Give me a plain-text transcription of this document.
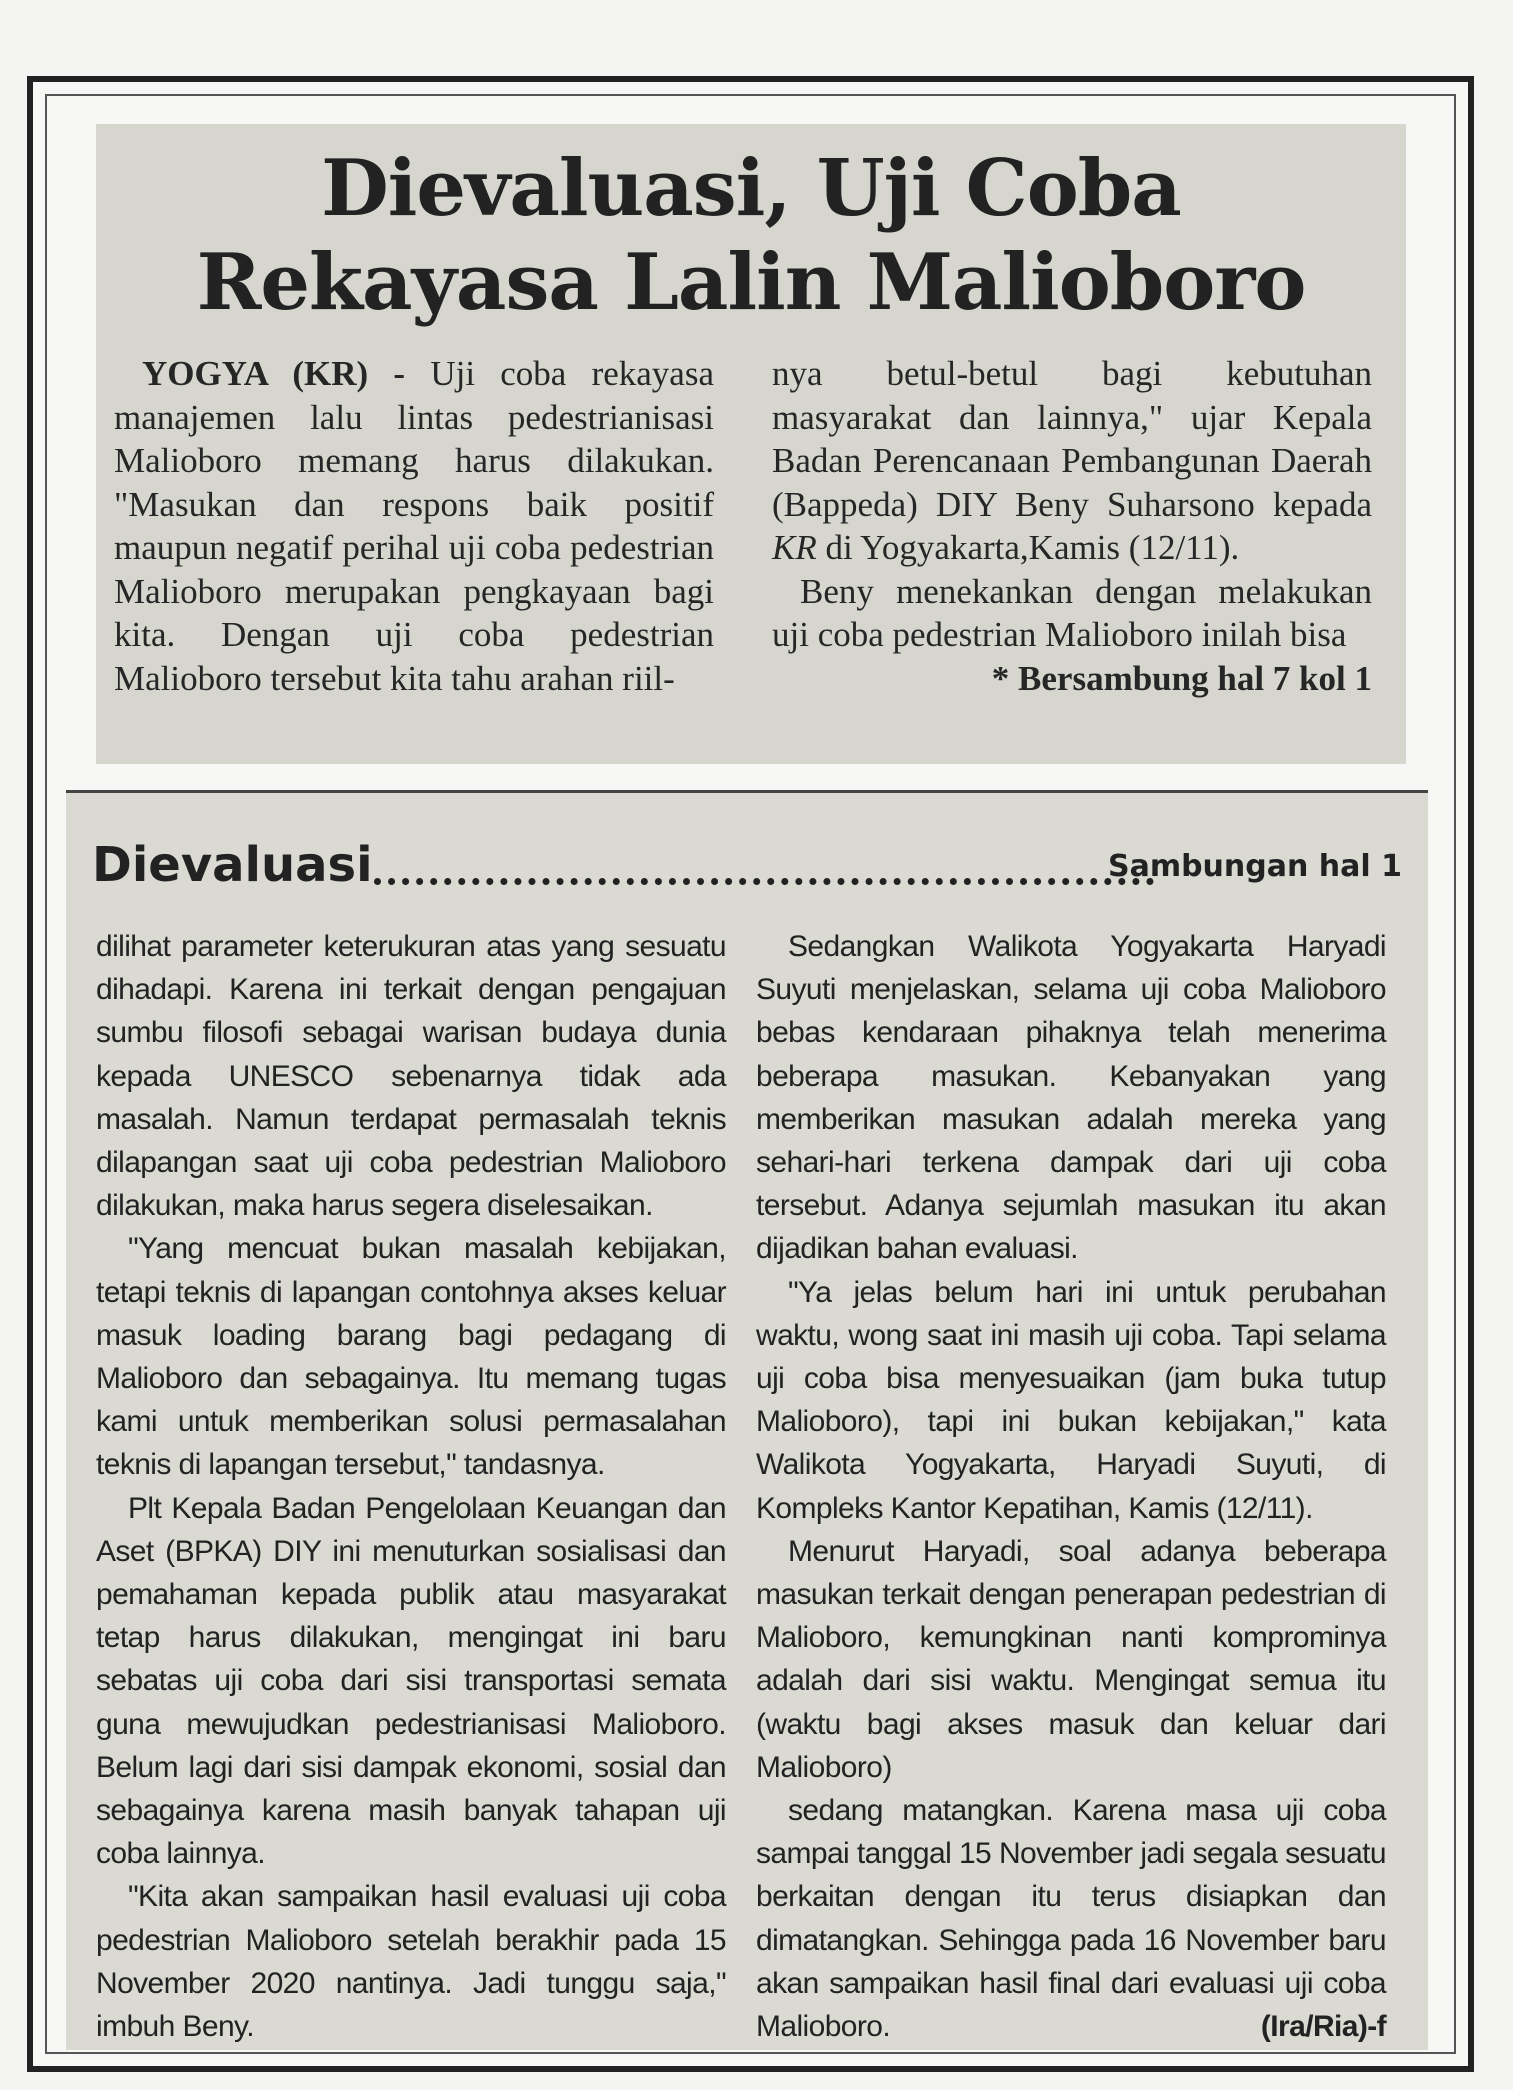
Dievaluasi, Uji Coba
Rekayasa Lalin Malioboro

YOGYA (KR) - Uji coba rekayasa manajemen lalu lintas pedestrianisasi Malioboro memang harus dilakukan. "Masukan dan respons baik positif maupun negatif perihal uji coba pedestrian Malioboro merupakan pengkayaan bagi kita. Dengan uji coba pedestrian Malioboro tersebut kita tahu arahan riil-

nya betul-betul bagi kebutuhan masyarakat dan lainnya," ujar Kepala Badan Perencanaan Pembangunan Daerah (Bappeda) DIY Beny Suharsono kepada KR di Yogyakarta,Kamis (12/11).

Beny menekankan dengan melakukan uji coba pedestrian Malioboro inilah bisa

* Bersambung hal 7 kol 1

Dievaluasi	Sambungan hal 1

dilihat parameter keterukuran atas yang sesuatu dihadapi. Karena ini terkait dengan pengajuan sumbu filosofi sebagai warisan budaya dunia kepada UNESCO sebenarnya tidak ada masalah. Namun terdapat permasalah teknis dilapangan saat uji coba pedestrian Malioboro dilakukan, maka harus segera diselesaikan.

"Yang mencuat bukan masalah kebijakan, tetapi teknis di lapangan contohnya akses keluar masuk loading barang bagi pedagang di Malioboro dan sebagainya. Itu memang tugas kami untuk memberikan solusi permasalahan teknis di lapangan tersebut," tandasnya.

Plt Kepala Badan Pengelolaan Keuangan dan Aset (BPKA) DIY ini menuturkan sosialisasi dan pemahaman kepada publik atau masyarakat tetap harus dilakukan, mengingat ini baru sebatas uji coba dari sisi transportasi semata guna mewujudkan pedestrianisasi Malioboro. Belum lagi dari sisi dampak ekonomi, sosial dan sebagainya karena masih banyak tahapan uji coba lainnya.

"Kita akan sampaikan hasil evaluasi uji coba pedestrian Malioboro setelah berakhir pada 15 November 2020 nantinya. Jadi tunggu saja," imbuh Beny.

Sedangkan Walikota Yogyakarta Haryadi Suyuti menjelaskan, selama uji coba Malioboro bebas kendaraan pihaknya telah menerima beberapa masukan. Kebanyakan yang memberikan masukan adalah mereka yang sehari-hari terkena dampak dari uji coba tersebut. Adanya sejumlah masukan itu akan dijadikan bahan evaluasi.

"Ya jelas belum hari ini untuk perubahan waktu, wong saat ini masih uji coba. Tapi selama uji coba bisa menyesuaikan (jam buka tutup Malioboro), tapi ini bukan kebijakan," kata Walikota Yogyakarta, Haryadi Suyuti, di Kompleks Kantor Kepatihan, Kamis (12/11).

Menurut Haryadi, soal adanya beberapa masukan terkait dengan penerapan pedestrian di Malioboro, kemungkinan nanti komprominya adalah dari sisi waktu. Mengingat semua itu (waktu bagi akses masuk dan keluar dari Malioboro)

sedang matangkan. Karena masa uji coba sampai tanggal 15 November jadi segala sesuatu berkaitan dengan itu terus disiapkan dan dimatangkan. Sehingga pada 16 November baru akan sampaikan hasil final dari evaluasi uji coba Malioboro.	(Ira/Ria)-f
